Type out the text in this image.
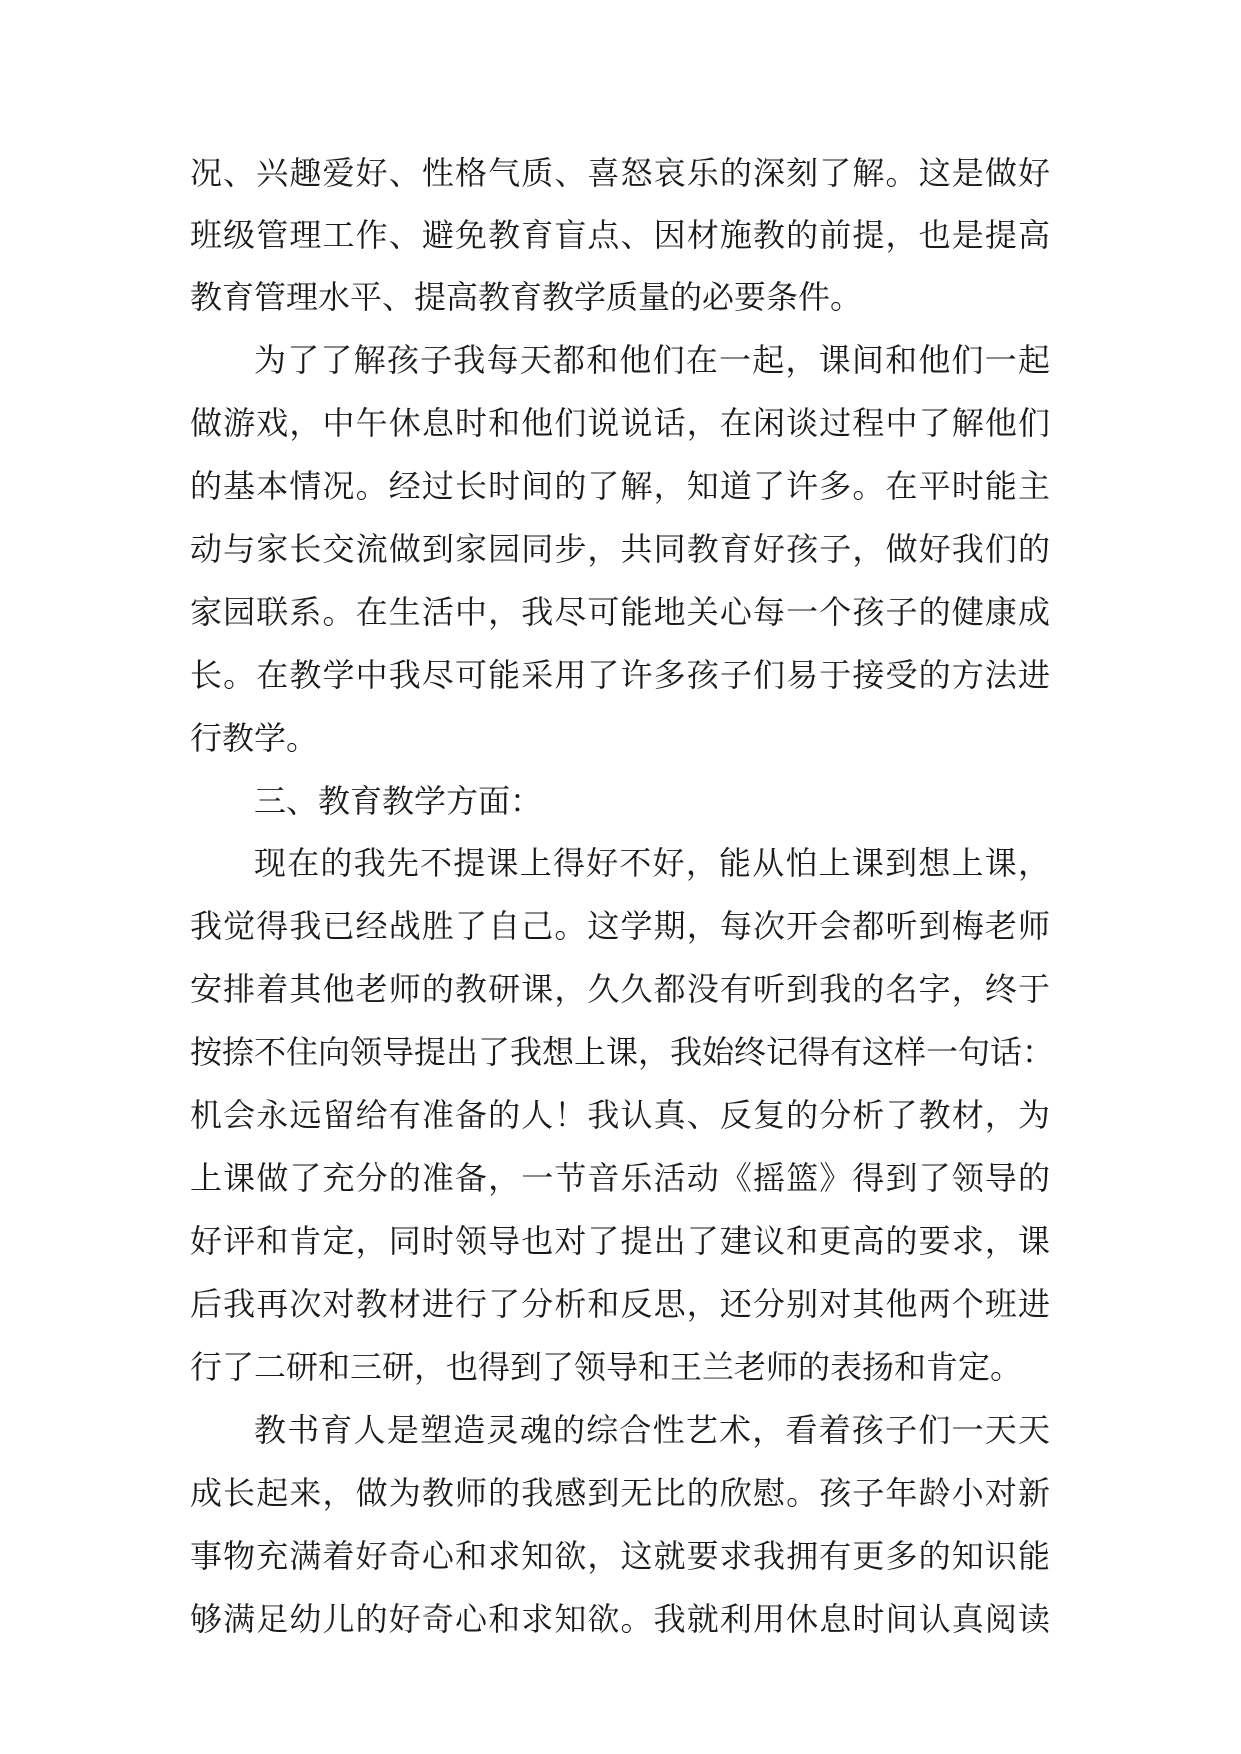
况、兴趣爱好、性格气质、喜怒哀乐的深刻了解。这是做好

班级管理工作、避免教育盲点、因材施教的前提，也是提高

教育管理水平、提高教育教学质量的必要条件。

为了了解孩子我每天都和他们在一起，课间和他们一起

做游戏，中午休息时和他们说说话，在闲谈过程中了解他们

的基本情况。经过长时间的了解，知道了许多。在平时能主

动与家长交流做到家园同步，共同教育好孩子，做好我们的

家园联系。在生活中，我尽可能地关心每一个孩子的健康成

长。在教学中我尽可能采用了许多孩子们易于接受的方法进

行教学。

三、教育教学方面：

现在的我先不提课上得好不好，能从怕上课到想上课，

我觉得我已经战胜了自己。这学期，每次开会都听到梅老师

安排着其他老师的教研课，久久都没有听到我的名字，终于

按捺不住向领导提出了我想上课，我始终记得有这样一句话：

机会永远留给有准备的人！我认真、反复的分析了教材，为

上课做了充分的准备，一节音乐活动《摇篮》得到了领导的

好评和肯定，同时领导也对了提出了建议和更高的要求，课

后我再次对教材进行了分析和反思，还分别对其他两个班进

行了二研和三研，也得到了领导和王兰老师的表扬和肯定。

教书育人是塑造灵魂的综合性艺术，看着孩子们一天天

成长起来，做为教师的我感到无比的欣慰。孩子年龄小对新

事物充满着好奇心和求知欲，这就要求我拥有更多的知识能

够满足幼儿的好奇心和求知欲。我就利用休息时间认真阅读
